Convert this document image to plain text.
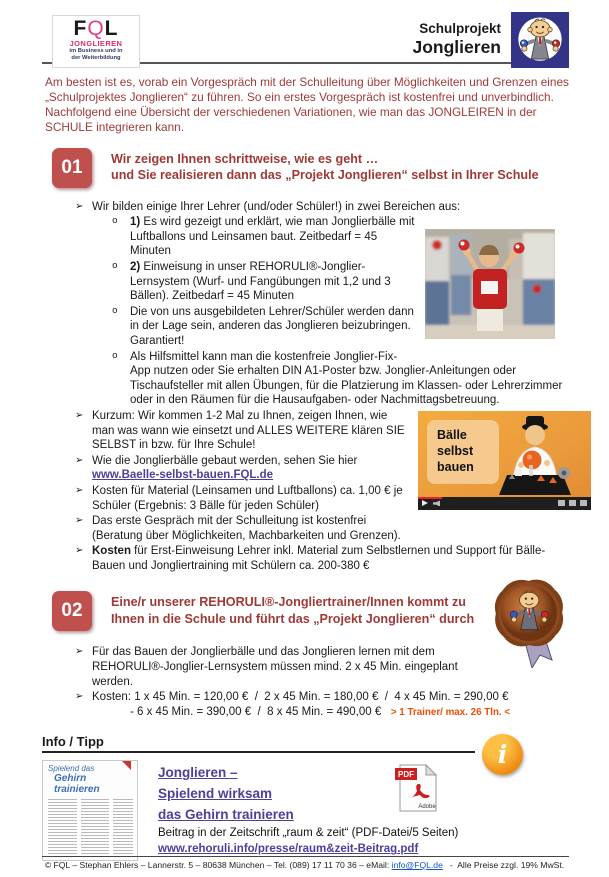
FQL
JONGLIEREN
im Business und in
der Weiterbildung
Schulprojekt
Jonglieren

Am besten ist es, vorab ein Vorgespräch mit der Schulleitung über Möglichkeiten und Grenzen eines „Schulprojektes Jonglieren“ zu führen. So ein erstes Vorgespräch ist kostenfrei und unverbindlich. Nachfolgend eine Übersicht der verschiedenen Variationen, wie man das JONGLEIREN in der SCHULE integrieren kann.

01	Wir zeigen Ihnen schrittweise, wie es geht …
und Sie realisieren dann das „Projekt Jonglieren“ selbst in Ihrer Schule
➢ Wir bilden einige Ihrer Lehrer (und/oder Schüler!) in zwei Bereichen aus:
o 1) Es wird gezeigt und erklärt, wie man Jonglierbälle mit Luftballons und Leinsamen baut. Zeitbedarf = 45 Minuten
o 2) Einweisung in unser REHORULI®-Jonglier-Lernsystem (Wurf- und Fangübungen mit 1,2 und 3 Bällen). Zeitbedarf = 45 Minuten
o Die von uns ausgebildeten Lehrer/Schüler werden dann in der Lage sein, anderen das Jonglieren beizubringen. Garantiert!
o Als Hilfsmittel kann man die kostenfreie Jonglier-Fix-App nutzen oder Sie erhalten DIN A1-Poster bzw. Jonglier-Anleitungen oder Tischaufsteller mit allen Übungen, für die Platzierung im Klassen- oder Lehrerzimmer oder in den Räumen für die Hausaufgaben- oder Nachmittagsbetreuung.
Bälle
selbst
bauen
➢ Kurzum: Wir kommen 1-2 Mal zu Ihnen, zeigen Ihnen, wie man was wann wie einsetzt und ALLES WEITERE klären SIE SELBST in bzw. für Ihre Schule!
➢ Wie die Jonglierbälle gebaut werden, sehen Sie hier www.Baelle-selbst-bauen.FQL.de
➢ Kosten für Material (Leinsamen und Luftballons) ca. 1,00 € je Schüler (Ergebnis: 3 Bälle für jeden Schüler)
➢ Das erste Gespräch mit der Schulleitung ist kostenfrei (Beratung über Möglichkeiten, Machbarkeiten und Grenzen).
➢ Kosten für Erst-Einweisung Lehrer inkl. Material zum Selbstlernen und Support für Bälle-Bauen und Jongliertraining mit Schülern ca. 200-380 €
02	Eine/r unserer REHORULI®-Jongliertrainer/Innen kommt zu
Ihnen in die Schule und führt das „Projekt Jonglieren“ durch
➢ Für das Bauen der Jonglierbälle und das Jonglieren lernen mit dem REHORULI®-Jonglier-Lernsystem müssen mind. 2 x 45 Min. eingeplant werden.
➢ Kosten: 1 x 45 Min. = 120,00 €  /  2 x 45 Min. = 180,00 €  /  4 x 45 Min. = 290,00 €
- 6 x 45 Min. = 390,00 €  /  8 x 45 Min. = 490,00 €   > 1 Trainer/ max. 26 Tln. <
Info / Tipp
Spielend das
Gehirn trainieren
Jonglieren –
Spielend wirksam
das Gehirn trainieren
Beitrag in der Zeitschrift „raum & zeit“ (PDF-Datei/5 Seiten)
www.rehoruli.info/presse/raum&zeit-Beitrag.pdf
PDF
Adobe
i
© FQL – Stephan Ehlers – Lannerstr. 5 – 80638 München – Tel. (089) 17 11 70 36 – eMail: info@FQL.de   -  Alle Preise zzgl. 19% MwSt.
